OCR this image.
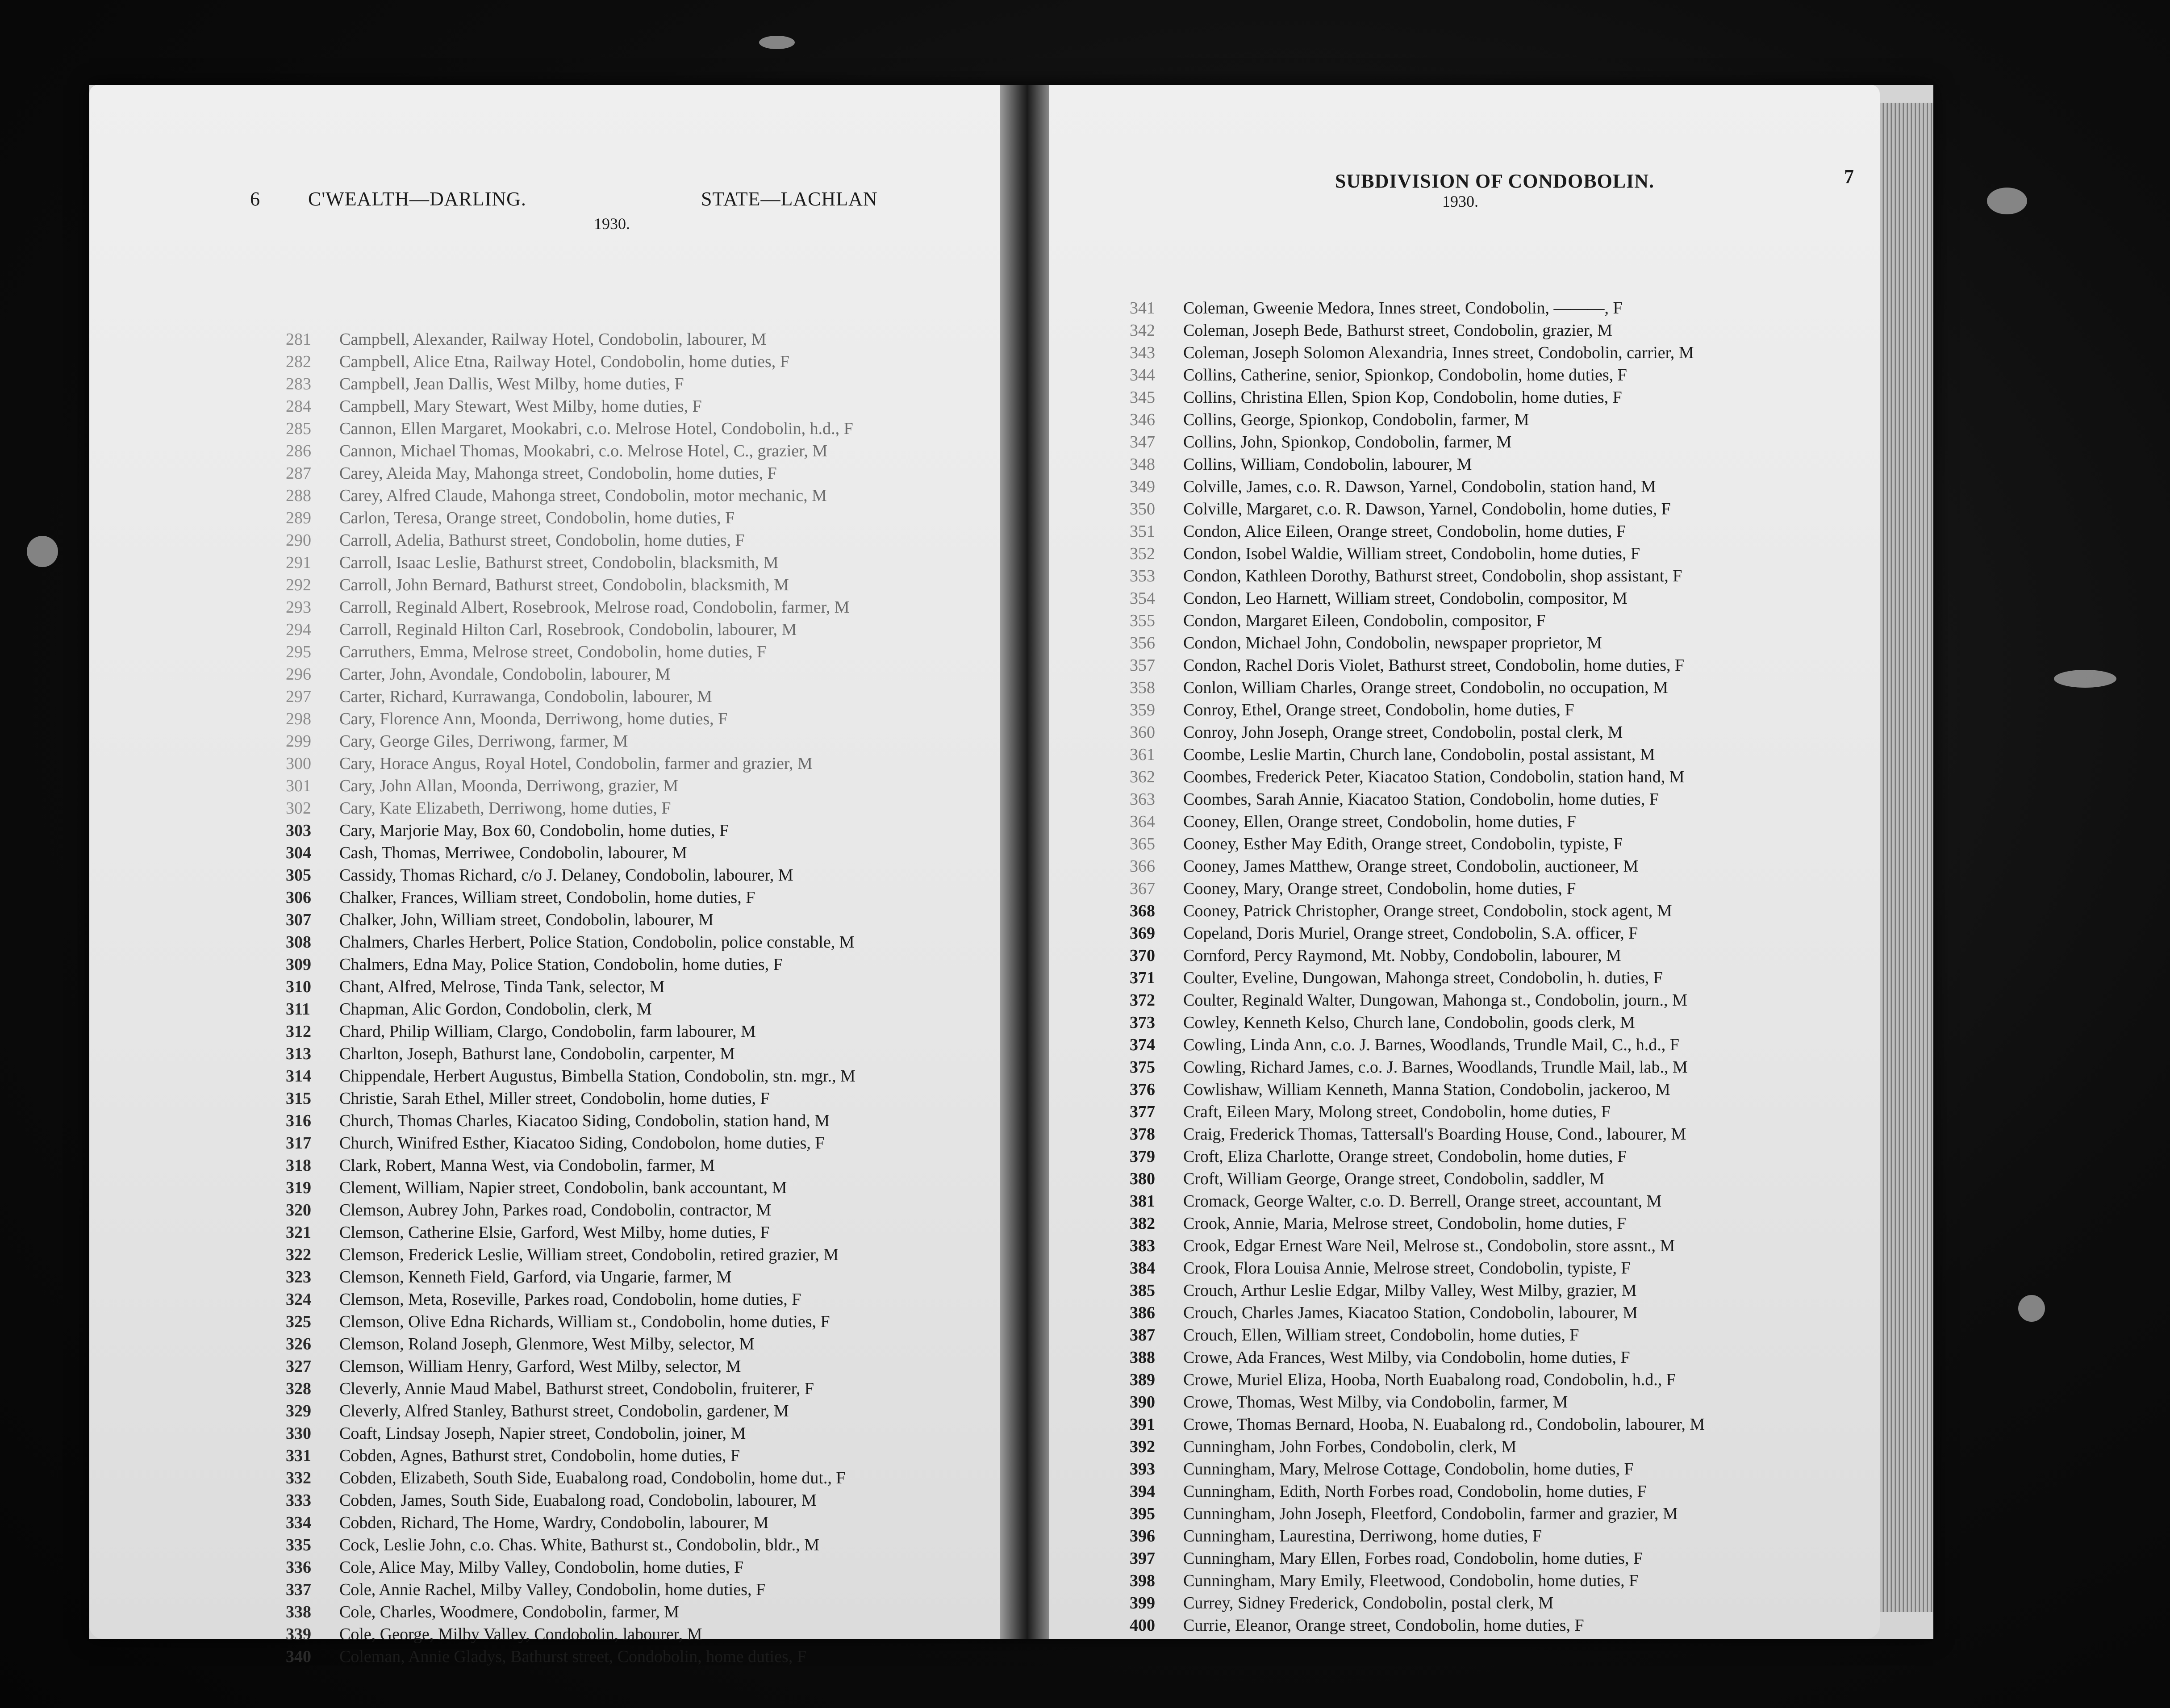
6 C'WEALTH—DARLING.	STATE—LACHLAN
1930.
281	Campbell, Alexander, Railway Hotel, Condobolin, labourer, M
282	Campbell, Alice Etna, Railway Hotel, Condobolin, home duties, F
283	Campbell, Jean Dallis, West Milby, home duties, F
284	Campbell, Mary Stewart, West Milby, home duties, F
285	Cannon, Ellen Margaret, Mookabri, c.o. Melrose Hotel, Condobolin, h.d., F
286	Cannon, Michael Thomas, Mookabri, c.o. Melrose Hotel, C., grazier, M
287	Carey, Aleida May, Mahonga street, Condobolin, home duties, F
288	Carey, Alfred Claude, Mahonga street, Condobolin, motor mechanic, M
289	Carlon, Teresa, Orange street, Condobolin, home duties, F
290	Carroll, Adelia, Bathurst street, Condobolin, home duties, F
291	Carroll, Isaac Leslie, Bathurst street, Condobolin, blacksmith, M
292	Carroll, John Bernard, Bathurst street, Condobolin, blacksmith, M
293	Carroll, Reginald Albert, Rosebrook, Melrose road, Condobolin, farmer, M
294	Carroll, Reginald Hilton Carl, Rosebrook, Condobolin, labourer, M
295	Carruthers, Emma, Melrose street, Condobolin, home duties, F
296	Carter, John, Avondale, Condobolin, labourer, M
297	Carter, Richard, Kurrawanga, Condobolin, labourer, M
298	Cary, Florence Ann, Moonda, Derriwong, home duties, F
299	Cary, George Giles, Derriwong, farmer, M
300	Cary, Horace Angus, Royal Hotel, Condobolin, farmer and grazier, M
301	Cary, John Allan, Moonda, Derriwong, grazier, M
302	Cary, Kate Elizabeth, Derriwong, home duties, F
303	Cary, Marjorie May, Box 60, Condobolin, home duties, F
304	Cash, Thomas, Merriwee, Condobolin, labourer, M
305	Cassidy, Thomas Richard, c/o J. Delaney, Condobolin, labourer, M
306	Chalker, Frances, William street, Condobolin, home duties, F
307	Chalker, John, William street, Condobolin, labourer, M
308	Chalmers, Charles Herbert, Police Station, Condobolin, police constable, M
309	Chalmers, Edna May, Police Station, Condobolin, home duties, F
310	Chant, Alfred, Melrose, Tinda Tank, selector, M
311	Chapman, Alic Gordon, Condobolin, clerk, M
312	Chard, Philip William, Clargo, Condobolin, farm labourer, M
313	Charlton, Joseph, Bathurst lane, Condobolin, carpenter, M
314	Chippendale, Herbert Augustus, Bimbella Station, Condobolin, stn. mgr., M
315	Christie, Sarah Ethel, Miller street, Condobolin, home duties, F
316	Church, Thomas Charles, Kiacatoo Siding, Condobolin, station hand, M
317	Church, Winifred Esther, Kiacatoo Siding, Condobolon, home duties, F
318	Clark, Robert, Manna West, via Condobolin, farmer, M
319	Clement, William, Napier street, Condobolin, bank accountant, M
320	Clemson, Aubrey John, Parkes road, Condobolin, contractor, M
321	Clemson, Catherine Elsie, Garford, West Milby, home duties, F
322	Clemson, Frederick Leslie, William street, Condobolin, retired grazier, M
323	Clemson, Kenneth Field, Garford, via Ungarie, farmer, M
324	Clemson, Meta, Roseville, Parkes road, Condobolin, home duties, F
325	Clemson, Olive Edna Richards, William st., Condobolin, home duties, F
326	Clemson, Roland Joseph, Glenmore, West Milby, selector, M
327	Clemson, William Henry, Garford, West Milby, selector, M
328	Cleverly, Annie Maud Mabel, Bathurst street, Condobolin, fruiterer, F
329	Cleverly, Alfred Stanley, Bathurst street, Condobolin, gardener, M
330	Coaft, Lindsay Joseph, Napier street, Condobolin, joiner, M
331	Cobden, Agnes, Bathurst stret, Condobolin, home duties, F
332	Cobden, Elizabeth, South Side, Euabalong road, Condobolin, home dut., F
333	Cobden, James, South Side, Euabalong road, Condobolin, labourer, M
334	Cobden, Richard, The Home, Wardry, Condobolin, labourer, M
335	Cock, Leslie John, c.o. Chas. White, Bathurst st., Condobolin, bldr., M
336	Cole, Alice May, Milby Valley, Condobolin, home duties, F
337	Cole, Annie Rachel, Milby Valley, Condobolin, home duties, F
338	Cole, Charles, Woodmere, Condobolin, farmer, M
339	Cole, George, Milby Valley, Condobolin, labourer, M
340	Coleman, Annie Gladys, Bathurst street, Condobolin, home duties, F
SUBDIVISION OF CONDOBOLIN.	7
1930.
341	Coleman, Gweenie Medora, Innes street, Condobolin, ———, F
342	Coleman, Joseph Bede, Bathurst street, Condobolin, grazier, M
343	Coleman, Joseph Solomon Alexandria, Innes street, Condobolin, carrier, M
344	Collins, Catherine, senior, Spionkop, Condobolin, home duties, F
345	Collins, Christina Ellen, Spion Kop, Condobolin, home duties, F
346	Collins, George, Spionkop, Condobolin, farmer, M
347	Collins, John, Spionkop, Condobolin, farmer, M
348	Collins, William, Condobolin, labourer, M
349	Colville, James, c.o. R. Dawson, Yarnel, Condobolin, station hand, M
350	Colville, Margaret, c.o. R. Dawson, Yarnel, Condobolin, home duties, F
351	Condon, Alice Eileen, Orange street, Condobolin, home duties, F
352	Condon, Isobel Waldie, William street, Condobolin, home duties, F
353	Condon, Kathleen Dorothy, Bathurst street, Condobolin, shop assistant, F
354	Condon, Leo Harnett, William street, Condobolin, compositor, M
355	Condon, Margaret Eileen, Condobolin, compositor, F
356	Condon, Michael John, Condobolin, newspaper proprietor, M
357	Condon, Rachel Doris Violet, Bathurst street, Condobolin, home duties, F
358	Conlon, William Charles, Orange street, Condobolin, no occupation, M
359	Conroy, Ethel, Orange street, Condobolin, home duties, F
360	Conroy, John Joseph, Orange street, Condobolin, postal clerk, M
361	Coombe, Leslie Martin, Church lane, Condobolin, postal assistant, M
362	Coombes, Frederick Peter, Kiacatoo Station, Condobolin, station hand, M
363	Coombes, Sarah Annie, Kiacatoo Station, Condobolin, home duties, F
364	Cooney, Ellen, Orange street, Condobolin, home duties, F
365	Cooney, Esther May Edith, Orange street, Condobolin, typiste, F
366	Cooney, James Matthew, Orange street, Condobolin, auctioneer, M
367	Cooney, Mary, Orange street, Condobolin, home duties, F
368	Cooney, Patrick Christopher, Orange street, Condobolin, stock agent, M
369	Copeland, Doris Muriel, Orange street, Condobolin, S.A. officer, F
370	Cornford, Percy Raymond, Mt. Nobby, Condobolin, labourer, M
371	Coulter, Eveline, Dungowan, Mahonga street, Condobolin, h. duties, F
372	Coulter, Reginald Walter, Dungowan, Mahonga st., Condobolin, journ., M
373	Cowley, Kenneth Kelso, Church lane, Condobolin, goods clerk, M
374	Cowling, Linda Ann, c.o. J. Barnes, Woodlands, Trundle Mail, C., h.d., F
375	Cowling, Richard James, c.o. J. Barnes, Woodlands, Trundle Mail, lab., M
376	Cowlishaw, William Kenneth, Manna Station, Condobolin, jackeroo, M
377	Craft, Eileen Mary, Molong street, Condobolin, home duties, F
378	Craig, Frederick Thomas, Tattersall's Boarding House, Cond., labourer, M
379	Croft, Eliza Charlotte, Orange street, Condobolin, home duties, F
380	Croft, William George, Orange street, Condobolin, saddler, M
381	Cromack, George Walter, c.o. D. Berrell, Orange street, accountant, M
382	Crook, Annie, Maria, Melrose street, Condobolin, home duties, F
383	Crook, Edgar Ernest Ware Neil, Melrose st., Condobolin, store assnt., M
384	Crook, Flora Louisa Annie, Melrose street, Condobolin, typiste, F
385	Crouch, Arthur Leslie Edgar, Milby Valley, West Milby, grazier, M
386	Crouch, Charles James, Kiacatoo Station, Condobolin, labourer, M
387	Crouch, Ellen, William street, Condobolin, home duties, F
388	Crowe, Ada Frances, West Milby, via Condobolin, home duties, F
389	Crowe, Muriel Eliza, Hooba, North Euabalong road, Condobolin, h.d., F
390	Crowe, Thomas, West Milby, via Condobolin, farmer, M
391	Crowe, Thomas Bernard, Hooba, N. Euabalong rd., Condobolin, labourer, M
392	Cunningham, John Forbes, Condobolin, clerk, M
393	Cunningham, Mary, Melrose Cottage, Condobolin, home duties, F
394	Cunningham, Edith, North Forbes road, Condobolin, home duties, F
395	Cunningham, John Joseph, Fleetford, Condobolin, farmer and grazier, M
396	Cunningham, Laurestina, Derriwong, home duties, F
397	Cunningham, Mary Ellen, Forbes road, Condobolin, home duties, F
398	Cunningham, Mary Emily, Fleetwood, Condobolin, home duties, F
399	Currey, Sidney Frederick, Condobolin, postal clerk, M
400	Currie, Eleanor, Orange street, Condobolin, home duties, F
